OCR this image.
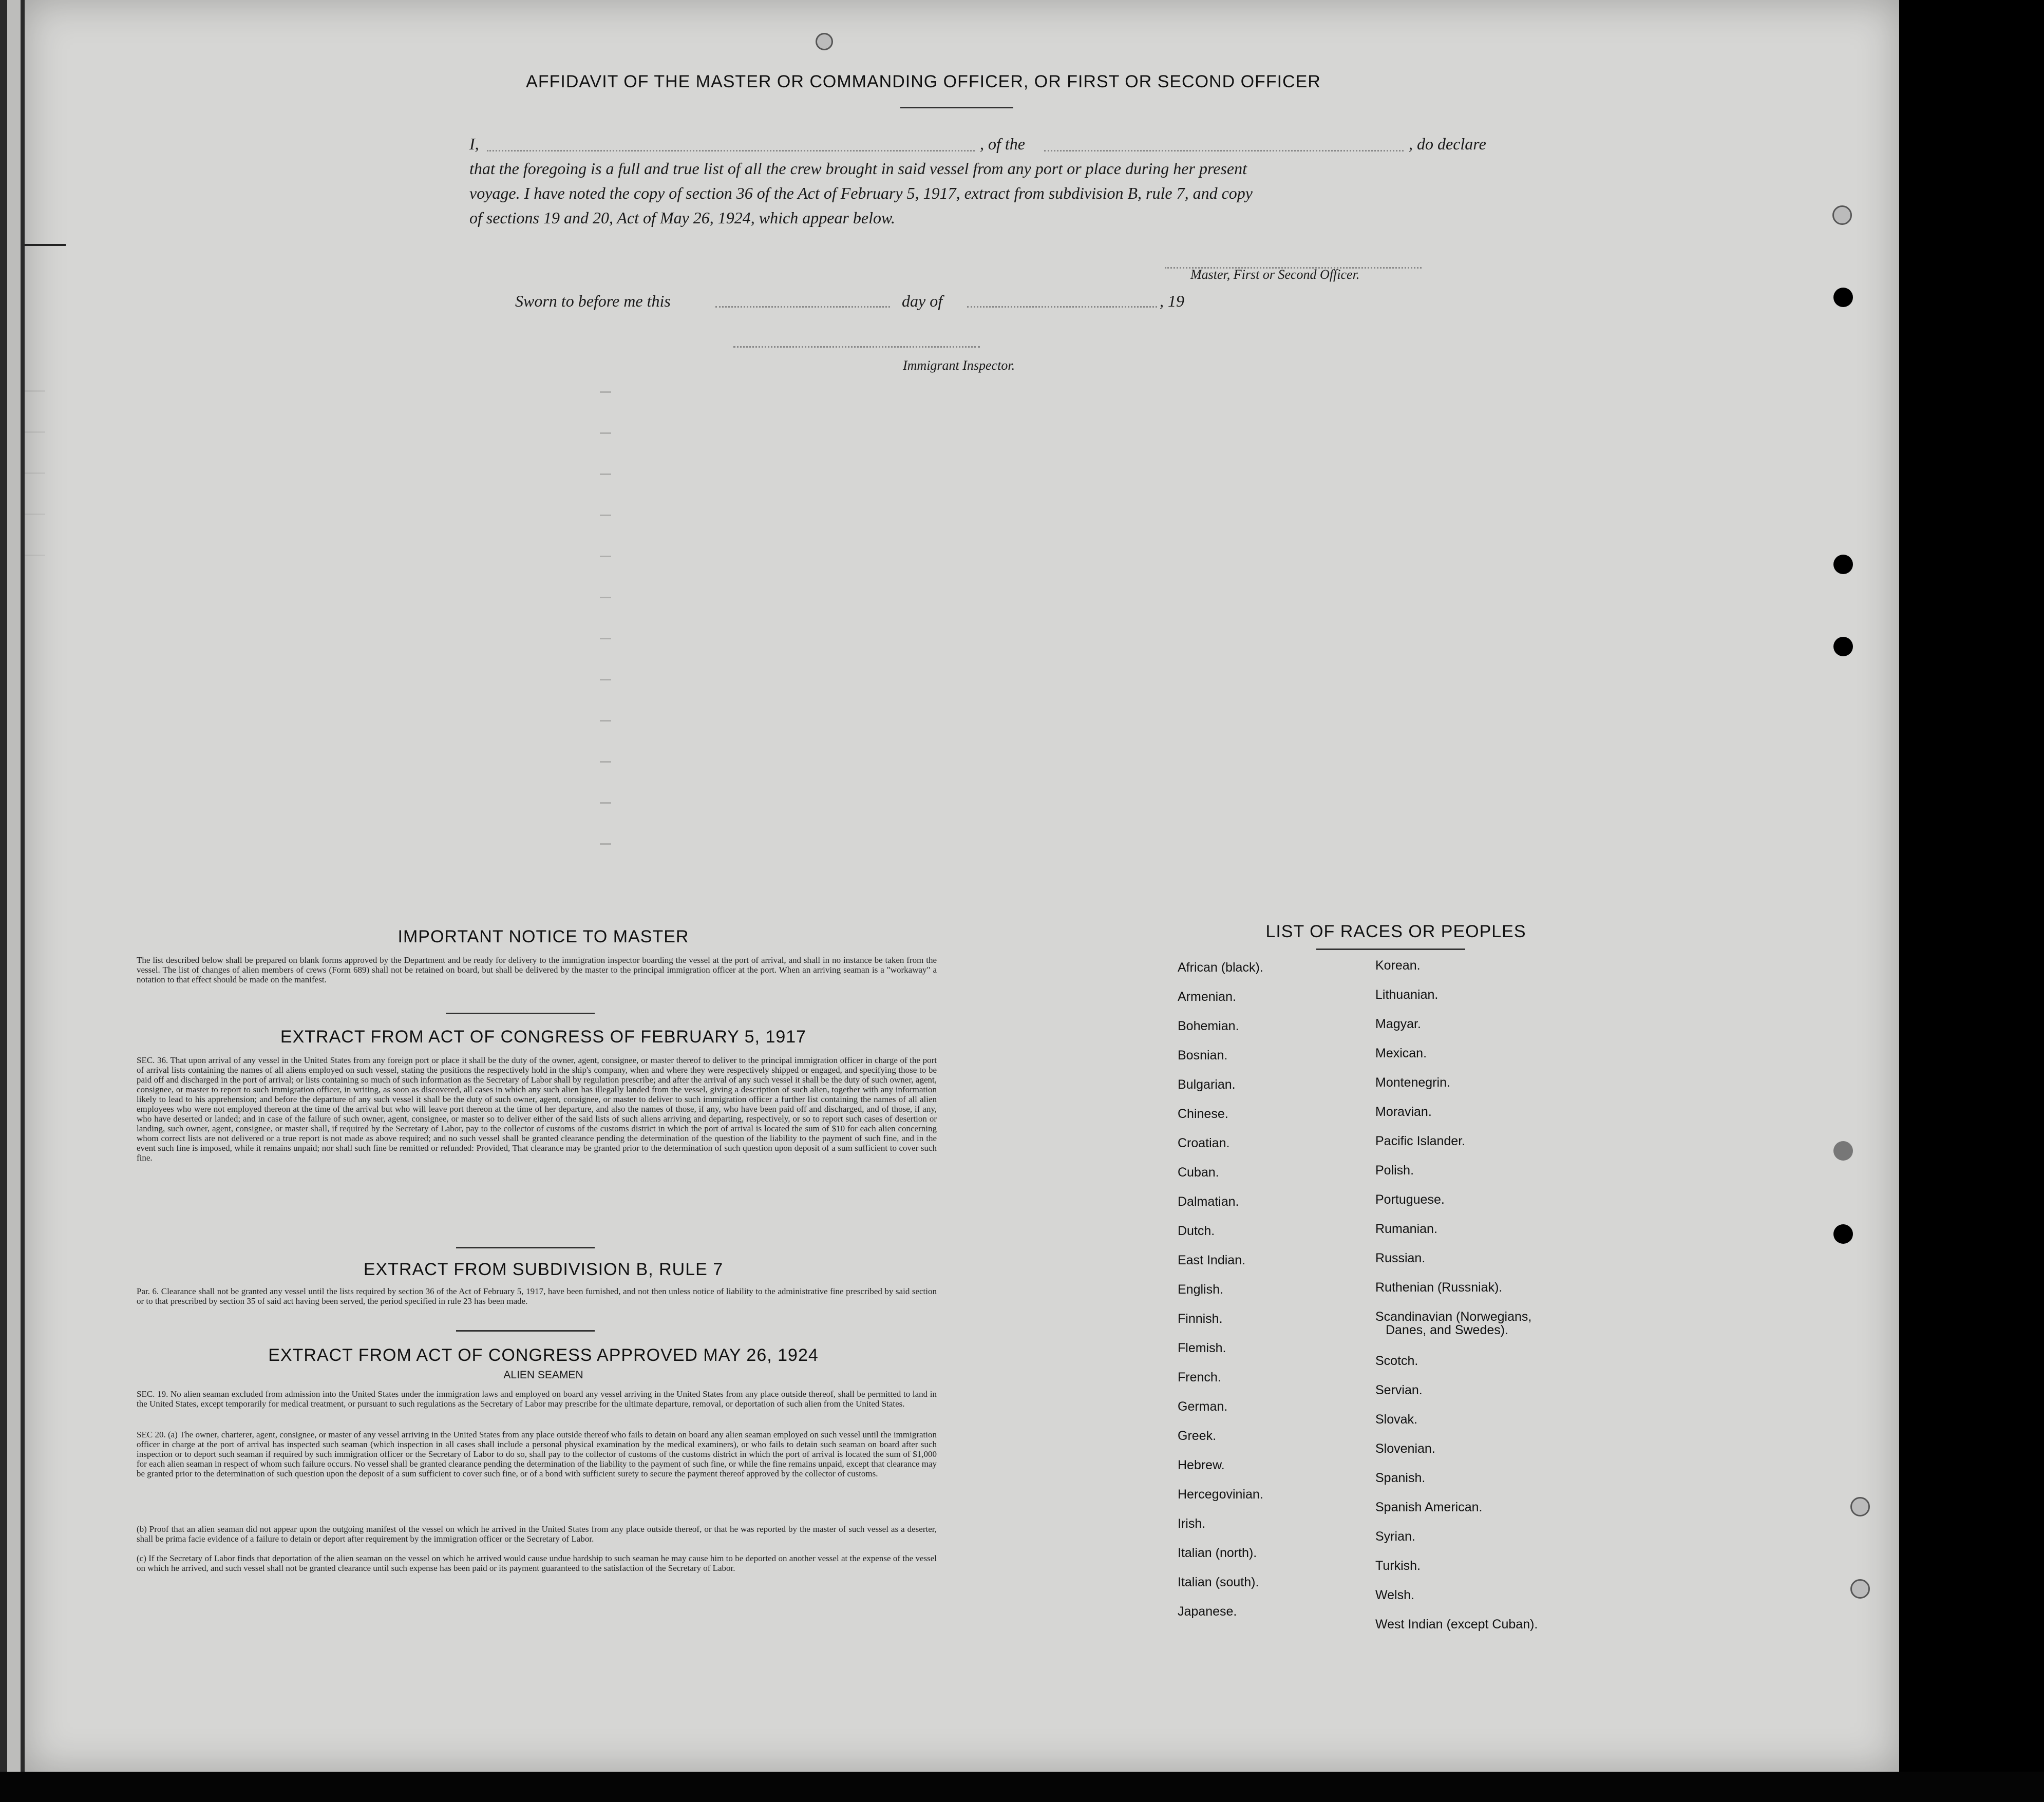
AFFIDAVIT OF THE MASTER OR COMMANDING OFFICER, OR FIRST OR SECOND OFFICER
I,	, of the	, do declare
that the foregoing is a full and true list of all the crew brought in said vessel from any port or place during her present
voyage. I have noted the copy of section 36 of the Act of February 5, 1917, extract from subdivision B, rule 7, and copy
of sections 19 and 20, Act of May 26, 1924, which appear below.
Master, First or Second Officer.
Sworn to before me this	day of	, 19
Immigrant Inspector.
IMPORTANT NOTICE TO MASTER
The list described below shall be prepared on blank forms approved by the Department and be ready for delivery to the immigration inspector boarding the vessel at the port of arrival, and shall in no instance be taken from the vessel. The list of changes of alien members of crews (Form 689) shall not be retained on board, but shall be delivered by the master to the principal immigration officer at the port. When an arriving seaman is a "workaway" a notation to that effect should be made on the manifest.
EXTRACT FROM ACT OF CONGRESS OF FEBRUARY 5, 1917
SEC. 36. That upon arrival of any vessel in the United States from any foreign port or place it shall be the duty of the owner, agent, consignee, or master thereof to deliver to the principal immigration officer in charge of the port of arrival lists containing the names of all aliens employed on such vessel, stating the positions the respectively hold in the ship's company, when and where they were respectively shipped or engaged, and specifying those to be paid off and discharged in the port of arrival; or lists containing so much of such information as the Secretary of Labor shall by regulation prescribe; and after the arrival of any such vessel it shall be the duty of such owner, agent, consignee, or master to report to such immigration officer, in writing, as soon as discovered, all cases in which any such alien has illegally landed from the vessel, giving a description of such alien, together with any information likely to lead to his apprehension; and before the departure of any such vessel it shall be the duty of such owner, agent, consignee, or master to deliver to such immigration officer a further list containing the names of all alien employees who were not employed thereon at the time of the arrival but who will leave port thereon at the time of her departure, and also the names of those, if any, who have been paid off and discharged, and of those, if any, who have deserted or landed; and in case of the failure of such owner, agent, consignee, or master so to deliver either of the said lists of such aliens arriving and departing, respectively, or so to report such cases of desertion or landing, such owner, agent, consignee, or master shall, if required by the Secretary of Labor, pay to the collector of customs of the customs district in which the port of arrival is located the sum of $10 for each alien concerning whom correct lists are not delivered or a true report is not made as above required; and no such vessel shall be granted clearance pending the determination of the question of the liability to the payment of such fine, and in the event such fine is imposed, while it remains unpaid; nor shall such fine be remitted or refunded: Provided, That clearance may be granted prior to the determination of such question upon deposit of a sum sufficient to cover such fine.
EXTRACT FROM SUBDIVISION B, RULE 7
Par. 6. Clearance shall not be granted any vessel until the lists required by section 36 of the Act of February 5, 1917, have been furnished, and not then unless notice of liability to the administrative fine prescribed by said section or to that prescribed by section 35 of said act having been served, the period specified in rule 23 has been made.
EXTRACT FROM ACT OF CONGRESS APPROVED MAY 26, 1924
ALIEN SEAMEN
SEC. 19. No alien seaman excluded from admission into the United States under the immigration laws and employed on board any vessel arriving in the United States from any place outside thereof, shall be permitted to land in the United States, except temporarily for medical treatment, or pursuant to such regulations as the Secretary of Labor may prescribe for the ultimate departure, removal, or deportation of such alien from the United States.
SEC 20. (a) The owner, charterer, agent, consignee, or master of any vessel arriving in the United States from any place outside thereof who fails to detain on board any alien seaman employed on such vessel until the immigration officer in charge at the port of arrival has inspected such seaman (which inspection in all cases shall include a personal physical examination by the medical examiners), or who fails to detain such seaman on board after such inspection or to deport such seaman if required by such immigration officer or the Secretary of Labor to do so, shall pay to the collector of customs of the customs district in which the port of arrival is located the sum of $1,000 for each alien seaman in respect of whom such failure occurs. No vessel shall be granted clearance pending the determination of the liability to the payment of such fine, or while the fine remains unpaid, except that clearance may be granted prior to the determination of such question upon the deposit of a sum sufficient to cover such fine, or of a bond with sufficient surety to secure the payment thereof approved by the collector of customs.
(b) Proof that an alien seaman did not appear upon the outgoing manifest of the vessel on which he arrived in the United States from any place outside thereof, or that he was reported by the master of such vessel as a deserter, shall be prima facie evidence of a failure to detain or deport after requirement by the immigration officer or the Secretary of Labor.
(c) If the Secretary of Labor finds that deportation of the alien seaman on the vessel on which he arrived would cause undue hardship to such seaman he may cause him to be deported on another vessel at the expense of the vessel on which he arrived, and such vessel shall not be granted clearance until such expense has been paid or its payment guaranteed to the satisfaction of the Secretary of Labor.
LIST OF RACES OR PEOPLES
African (black).
Armenian.
Bohemian.
Bosnian.
Bulgarian.
Chinese.
Croatian.
Cuban.
Dalmatian.
Dutch.
East Indian.
English.
Finnish.
Flemish.
French.
German.
Greek.
Hebrew.
Hercegovinian.
Irish.
Italian (north).
Italian (south).
Japanese.
Korean.
Lithuanian.
Magyar.
Mexican.
Montenegrin.
Moravian.
Pacific Islander.
Polish.
Portuguese.
Rumanian.
Russian.
Ruthenian (Russniak).
Scandinavian (Norwegians,
Danes, and Swedes).
Scotch.
Servian.
Slovak.
Slovenian.
Spanish.
Spanish American.
Syrian.
Turkish.
Welsh.
West Indian (except Cuban).
